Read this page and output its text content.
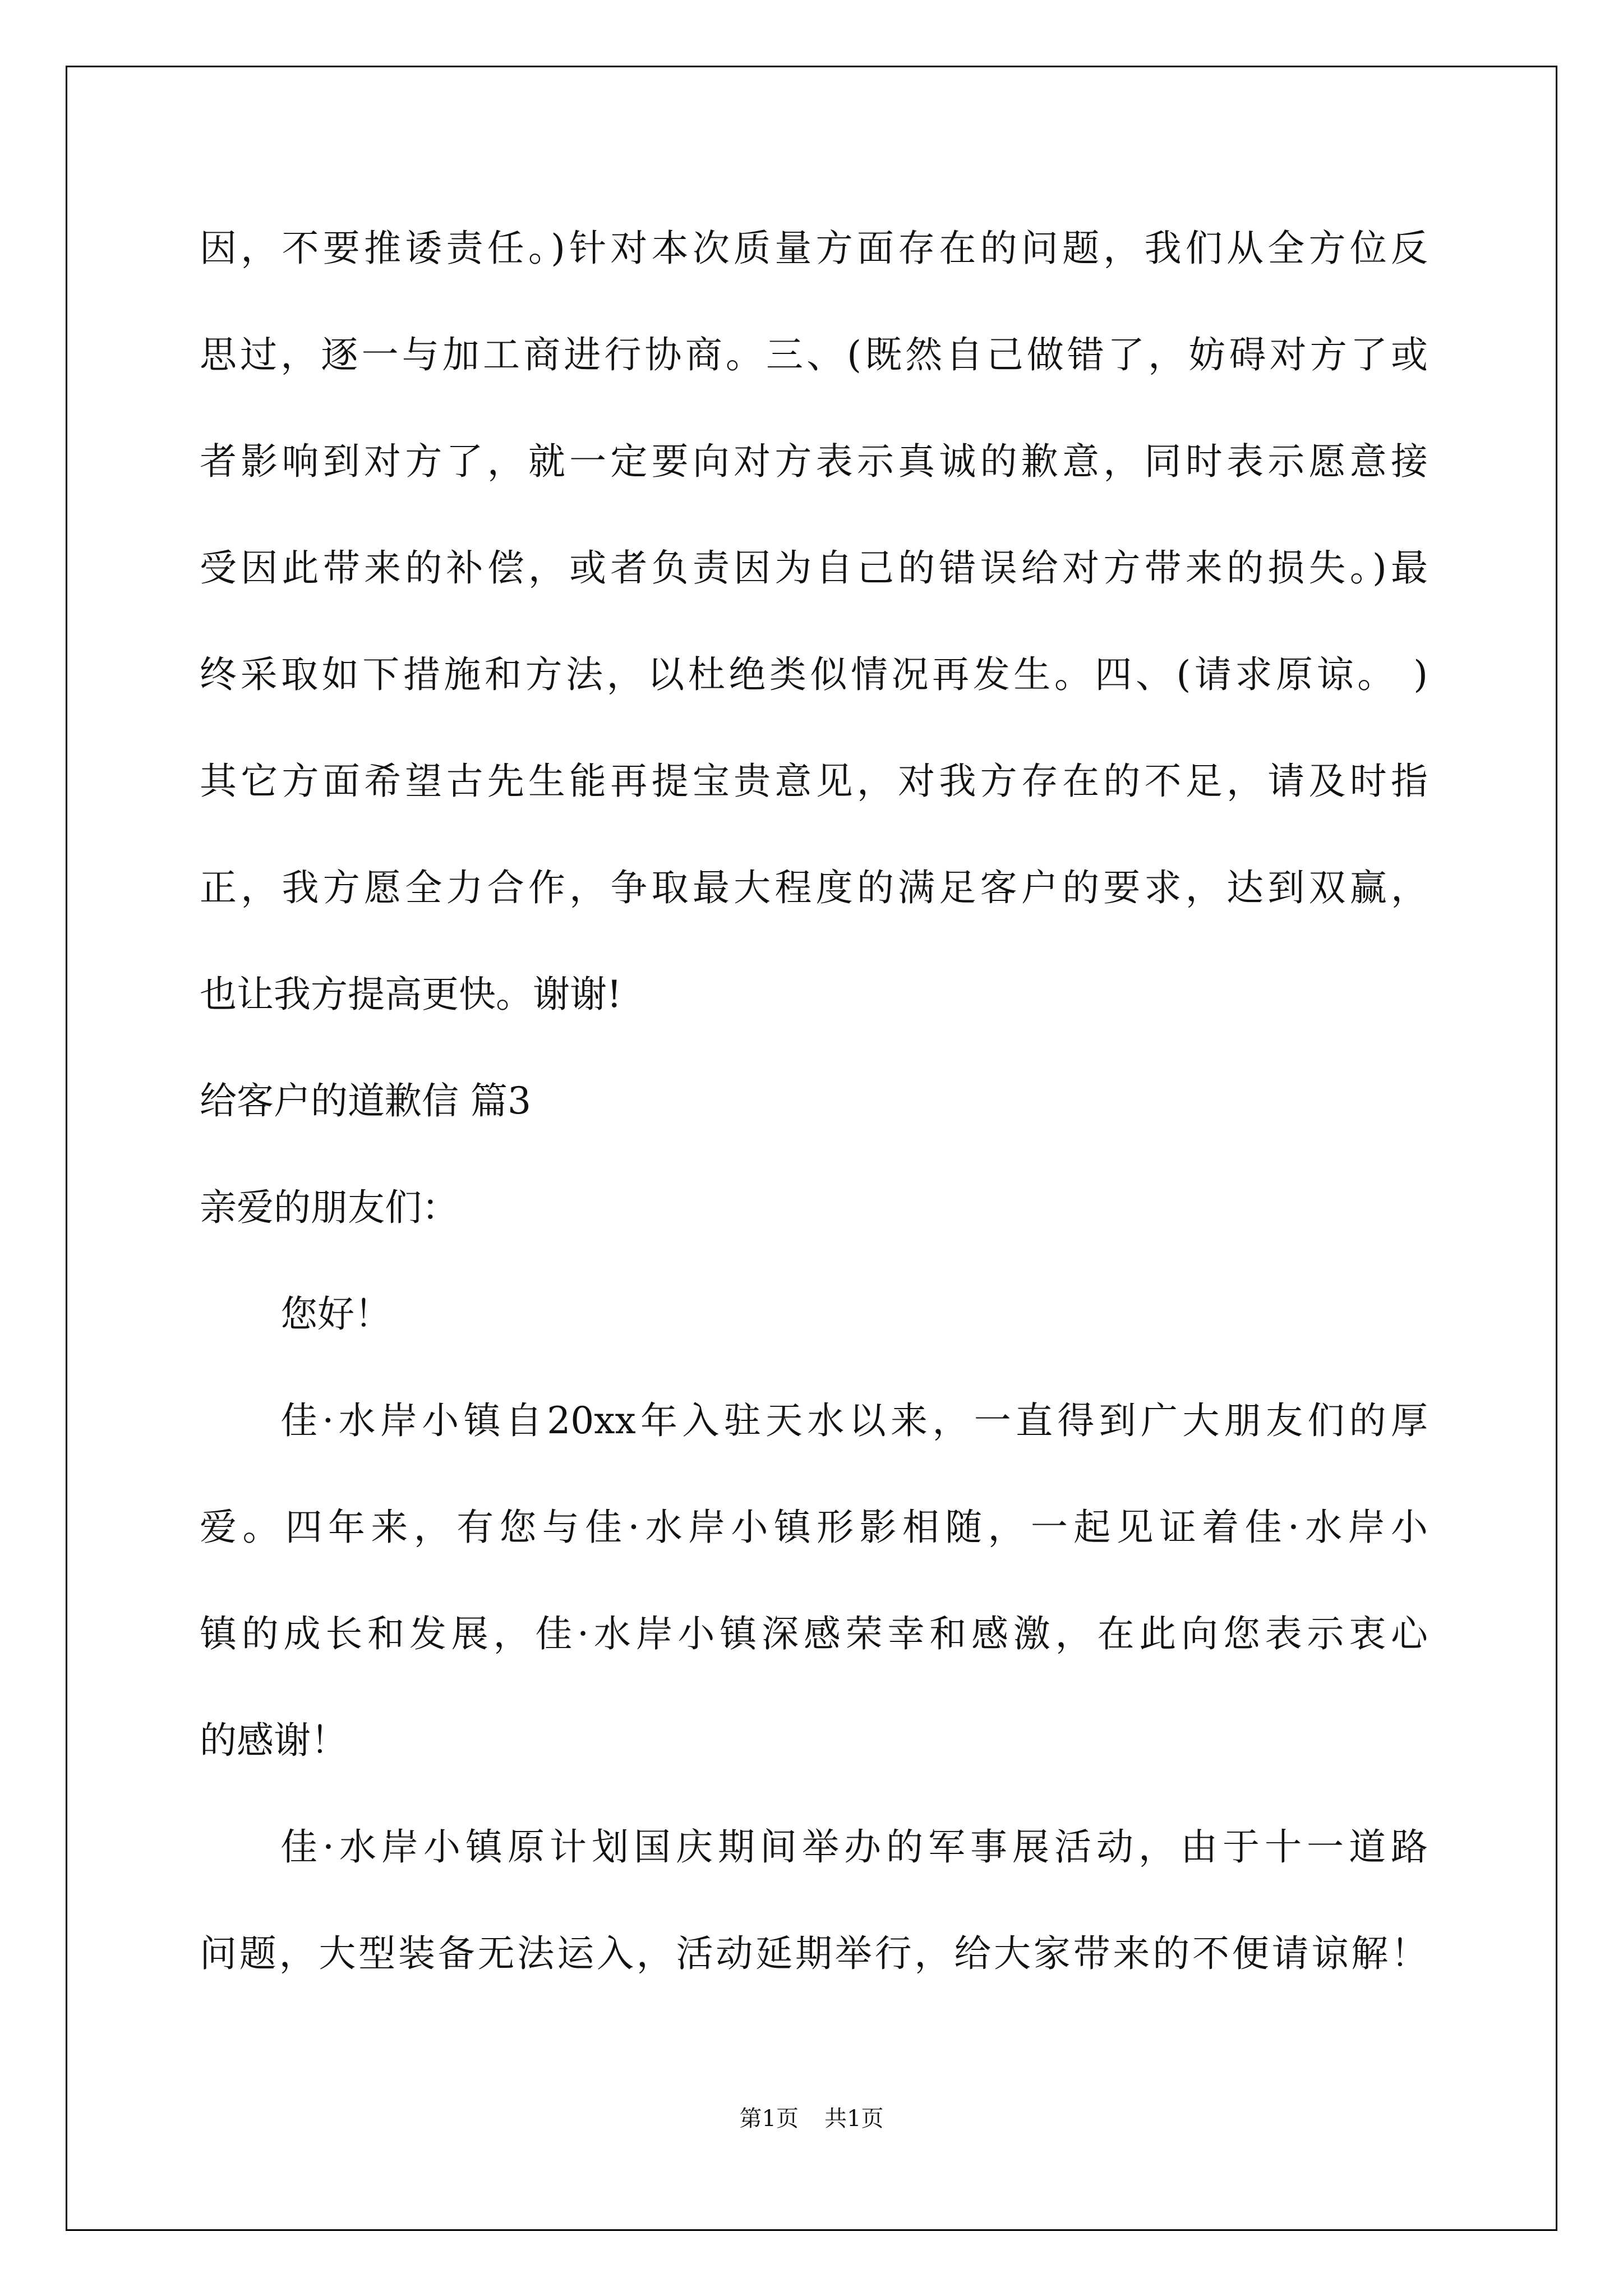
因，不要推诿责任。)针对本次质量方面存在的问题，我们从全方位反

思过，逐一与加工商进行协商。三、(既然自己做错了，妨碍对方了或

者影响到对方了，就一定要向对方表示真诚的歉意，同时表示愿意接

受因此带来的补偿，或者负责因为自己的错误给对方带来的损失。)最

终采取如下措施和方法，以杜绝类似情况再发生。四、(请求原谅。 )

其它方面希望古先生能再提宝贵意见，对我方存在的不足，请及时指

正，我方愿全力合作，争取最大程度的满足客户的要求，达到双赢，

也让我方提高更快。谢谢!

给客户的道歉信 篇3

亲爱的朋友们：

您好！

佳·水岸小镇自20xx年入驻天水以来，一直得到广大朋友们的厚

爱。四年来，有您与佳·水岸小镇形影相随，一起见证着佳·水岸小

镇的成长和发展，佳·水岸小镇深感荣幸和感激，在此向您表示衷心

的感谢！

佳·水岸小镇原计划国庆期间举办的军事展活动，由于十一道路

问题，大型装备无法运入，活动延期举行，给大家带来的不便请谅解！

第1页 共1页
